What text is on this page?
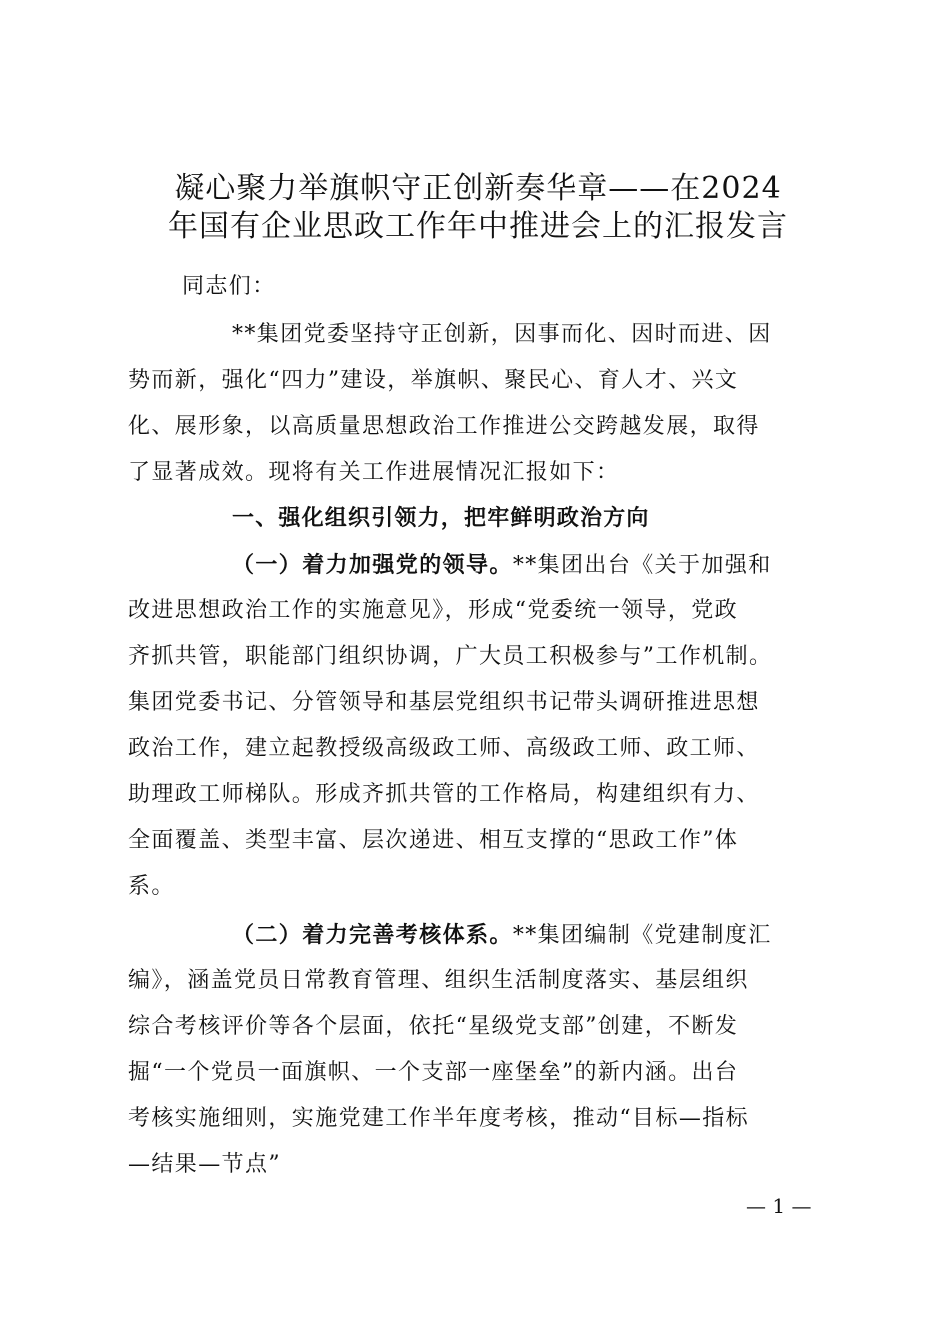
凝心聚力举旗帜守正创新奏华章——在2024
年国有企业思政工作年中推进会上的汇报发言
同志们：
**集团党委坚持守正创新，因事而化、因时而进、因
势而新，强化“四力”建设，举旗帜、聚民心、育人才、兴文
化、展形象，以高质量思想政治工作推进公交跨越发展，取得
了显著成效。现将有关工作进展情况汇报如下：
一、强化组织引领力，把牢鲜明政治方向
（一）着力加强党的领导。**集团出台《关于加强和
改进思想政治工作的实施意见》，形成“党委统一领导，党政
齐抓共管，职能部门组织协调，广大员工积极参与”工作机制。
集团党委书记、分管领导和基层党组织书记带头调研推进思想
政治工作，建立起教授级高级政工师、高级政工师、政工师、
助理政工师梯队。形成齐抓共管的工作格局，构建组织有力、
全面覆盖、类型丰富、层次递进、相互支撑的“思政工作”体
系。
（二）着力完善考核体系。**集团编制《党建制度汇
编》，涵盖党员日常教育管理、组织生活制度落实、基层组织
综合考核评价等各个层面，依托“星级党支部”创建，不断发
掘“一个党员一面旗帜、一个支部一座堡垒”的新内涵。出台
考核实施细则，实施党建工作半年度考核，推动“目标—指标
—结果—节点”
— 1 —
